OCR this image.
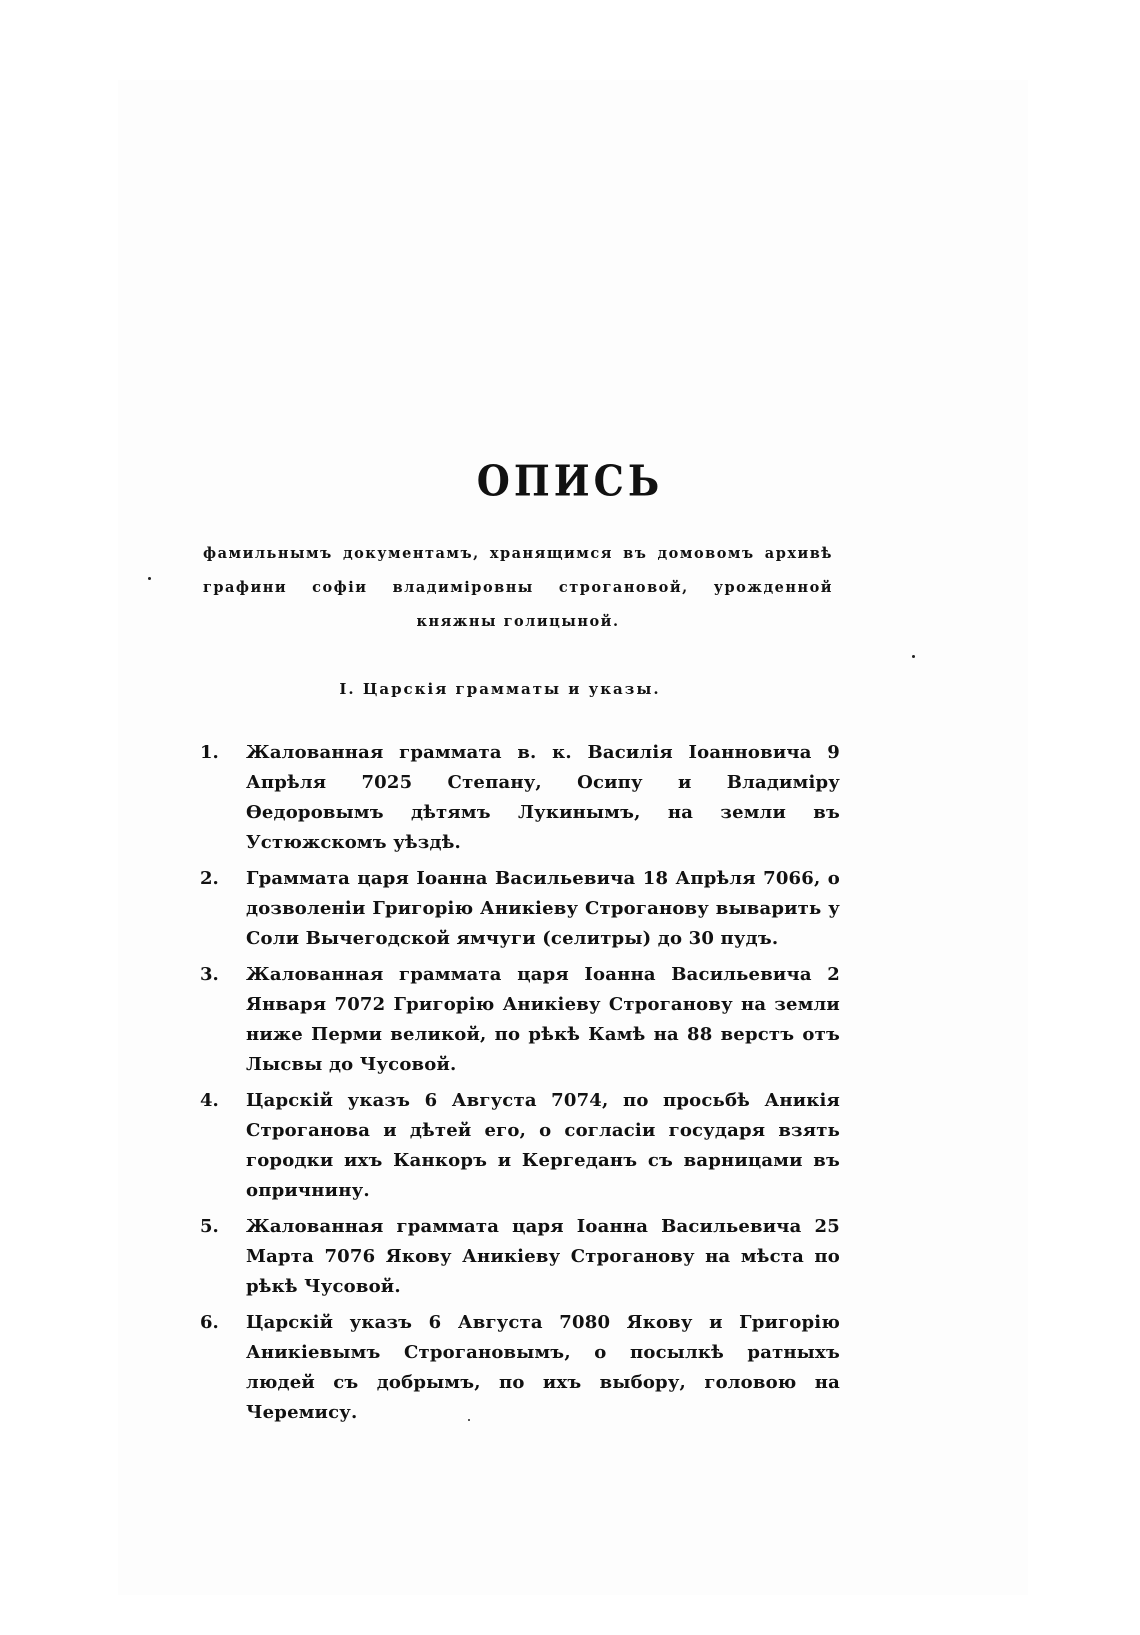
ОПИСЬ
фамильнымъ документамъ, хранящимся въ домовомъ архивѣ графини софіи владиміровны строгановой, урожденной княжны голицыной.
I. Царскія грамматы и указы.
1.	Жалованная граммата в. к. Василія Іоанновича 9 Апрѣля 7025 Степану, Осипу и Владиміру Ѳедоровымъ дѣтямъ Лукинымъ, на земли въ Устюжскомъ уѣздѣ.
2.	Граммата царя Іоанна Васильевича 18 Апрѣля 7066, о дозволеніи Григорію Аникіеву Строганову выварить у Соли Вычегодской ямчуги (селитры) до 30 пудъ.
3.	Жалованная граммата царя Іоанна Васильевича 2 Января 7072 Григорію Аникіеву Строганову на земли ниже Перми великой, по рѣкѣ Камѣ на 88 верстъ отъ Лысвы до Чусовой.
4.	Царскій указъ 6 Августа 7074, по просьбѣ Аникія Строганова и дѣтей его, о согласіи государя взять городки ихъ Канкоръ и Кергеданъ съ варницами въ опричнину.
5.	Жалованная граммата царя Іоанна Васильевича 25 Марта 7076 Якову Аникіеву Строганову на мѣста по рѣкѣ Чусовой.
6.	Царскій указъ 6 Августа 7080 Якову и Григорію Аникіевымъ Строгановымъ, о посылкѣ ратныхъ людей съ добрымъ, по ихъ выбору, головою на Черемису.
